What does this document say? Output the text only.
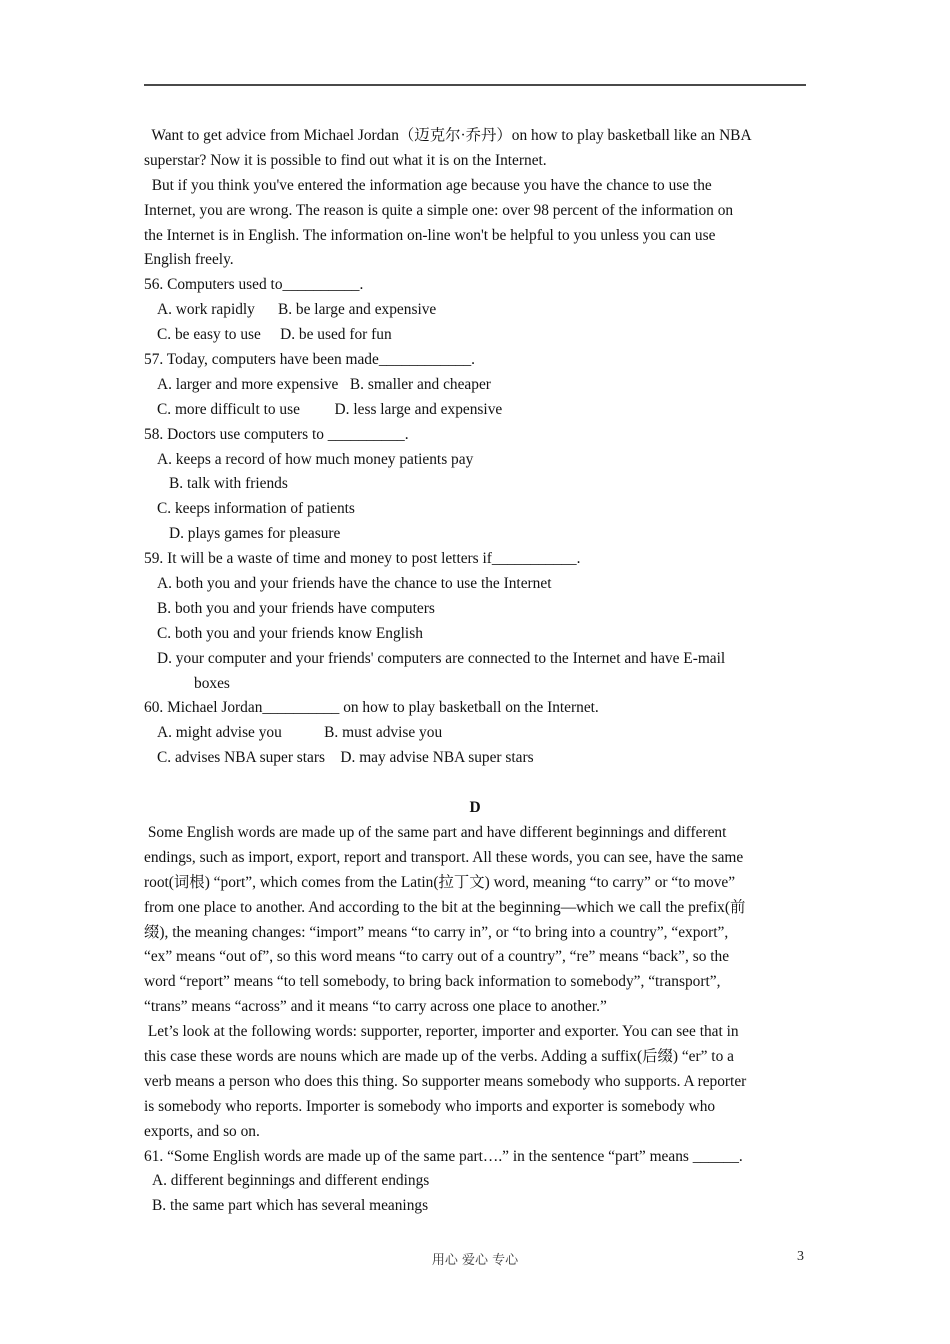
Want to get advice from Michael Jordan（迈克尔·乔丹）on how to play basketball like an NBA
superstar? Now it is possible to find out what it is on the Internet.
But if you think you've entered the information age because you have the chance to use the
Internet, you are wrong. The reason is quite a simple one: over 98 percent of the information on
the Internet is in English. The information on-line won't be helpful to you unless you can use
English freely.
56. Computers used to__________.
A. work rapidly      B. be large and expensive
C. be easy to use     D. be used for fun
57. Today, computers have been made____________.
A. larger and more expensive   B. smaller and cheaper
C. more difficult to use         D. less large and expensive
58. Doctors use computers to __________.
A. keeps a record of how much money patients pay
B. talk with friends
C. keeps information of patients
D. plays games for pleasure
59. It will be a waste of time and money to post letters if___________.
A. both you and your friends have the chance to use the Internet
B. both you and your friends have computers
C. both you and your friends know English
D. your computer and your friends' computers are connected to the Internet and have E-mail
boxes
60. Michael Jordan__________ on how to play basketball on the Internet.
A. might advise you           B. must advise you
C. advises NBA super stars    D. may advise NBA super stars
D
Some English words are made up of the same part and have different beginnings and different
endings, such as import, export, report and transport. All these words, you can see, have the same
root(词根) “port”, which comes from the Latin(拉丁文) word, meaning “to carry” or “to move”
from one place to another. And according to the bit at the beginning—which we call the prefix(前
缀), the meaning changes: “import” means “to carry in”, or “to bring into a country”, “export”,
“ex” means “out of”, so this word means “to carry out of a country”, “re” means “back”, so the
word “report” means “to tell somebody, to bring back information to somebody”, “transport”,
“trans” means “across” and it means “to carry across one place to another.”
Let’s look at the following words: supporter, reporter, importer and exporter. You can see that in
this case these words are nouns which are made up of the verbs. Adding a suffix(后缀) “er” to a
verb means a person who does this thing. So supporter means somebody who supports. A reporter
is somebody who reports. Importer is somebody who imports and exporter is somebody who
exports, and so on.
61. “Some English words are made up of the same part….” in the sentence “part” means ______.
A. different beginnings and different endings
B. the same part which has several meanings
用心 爱心 专心	3
